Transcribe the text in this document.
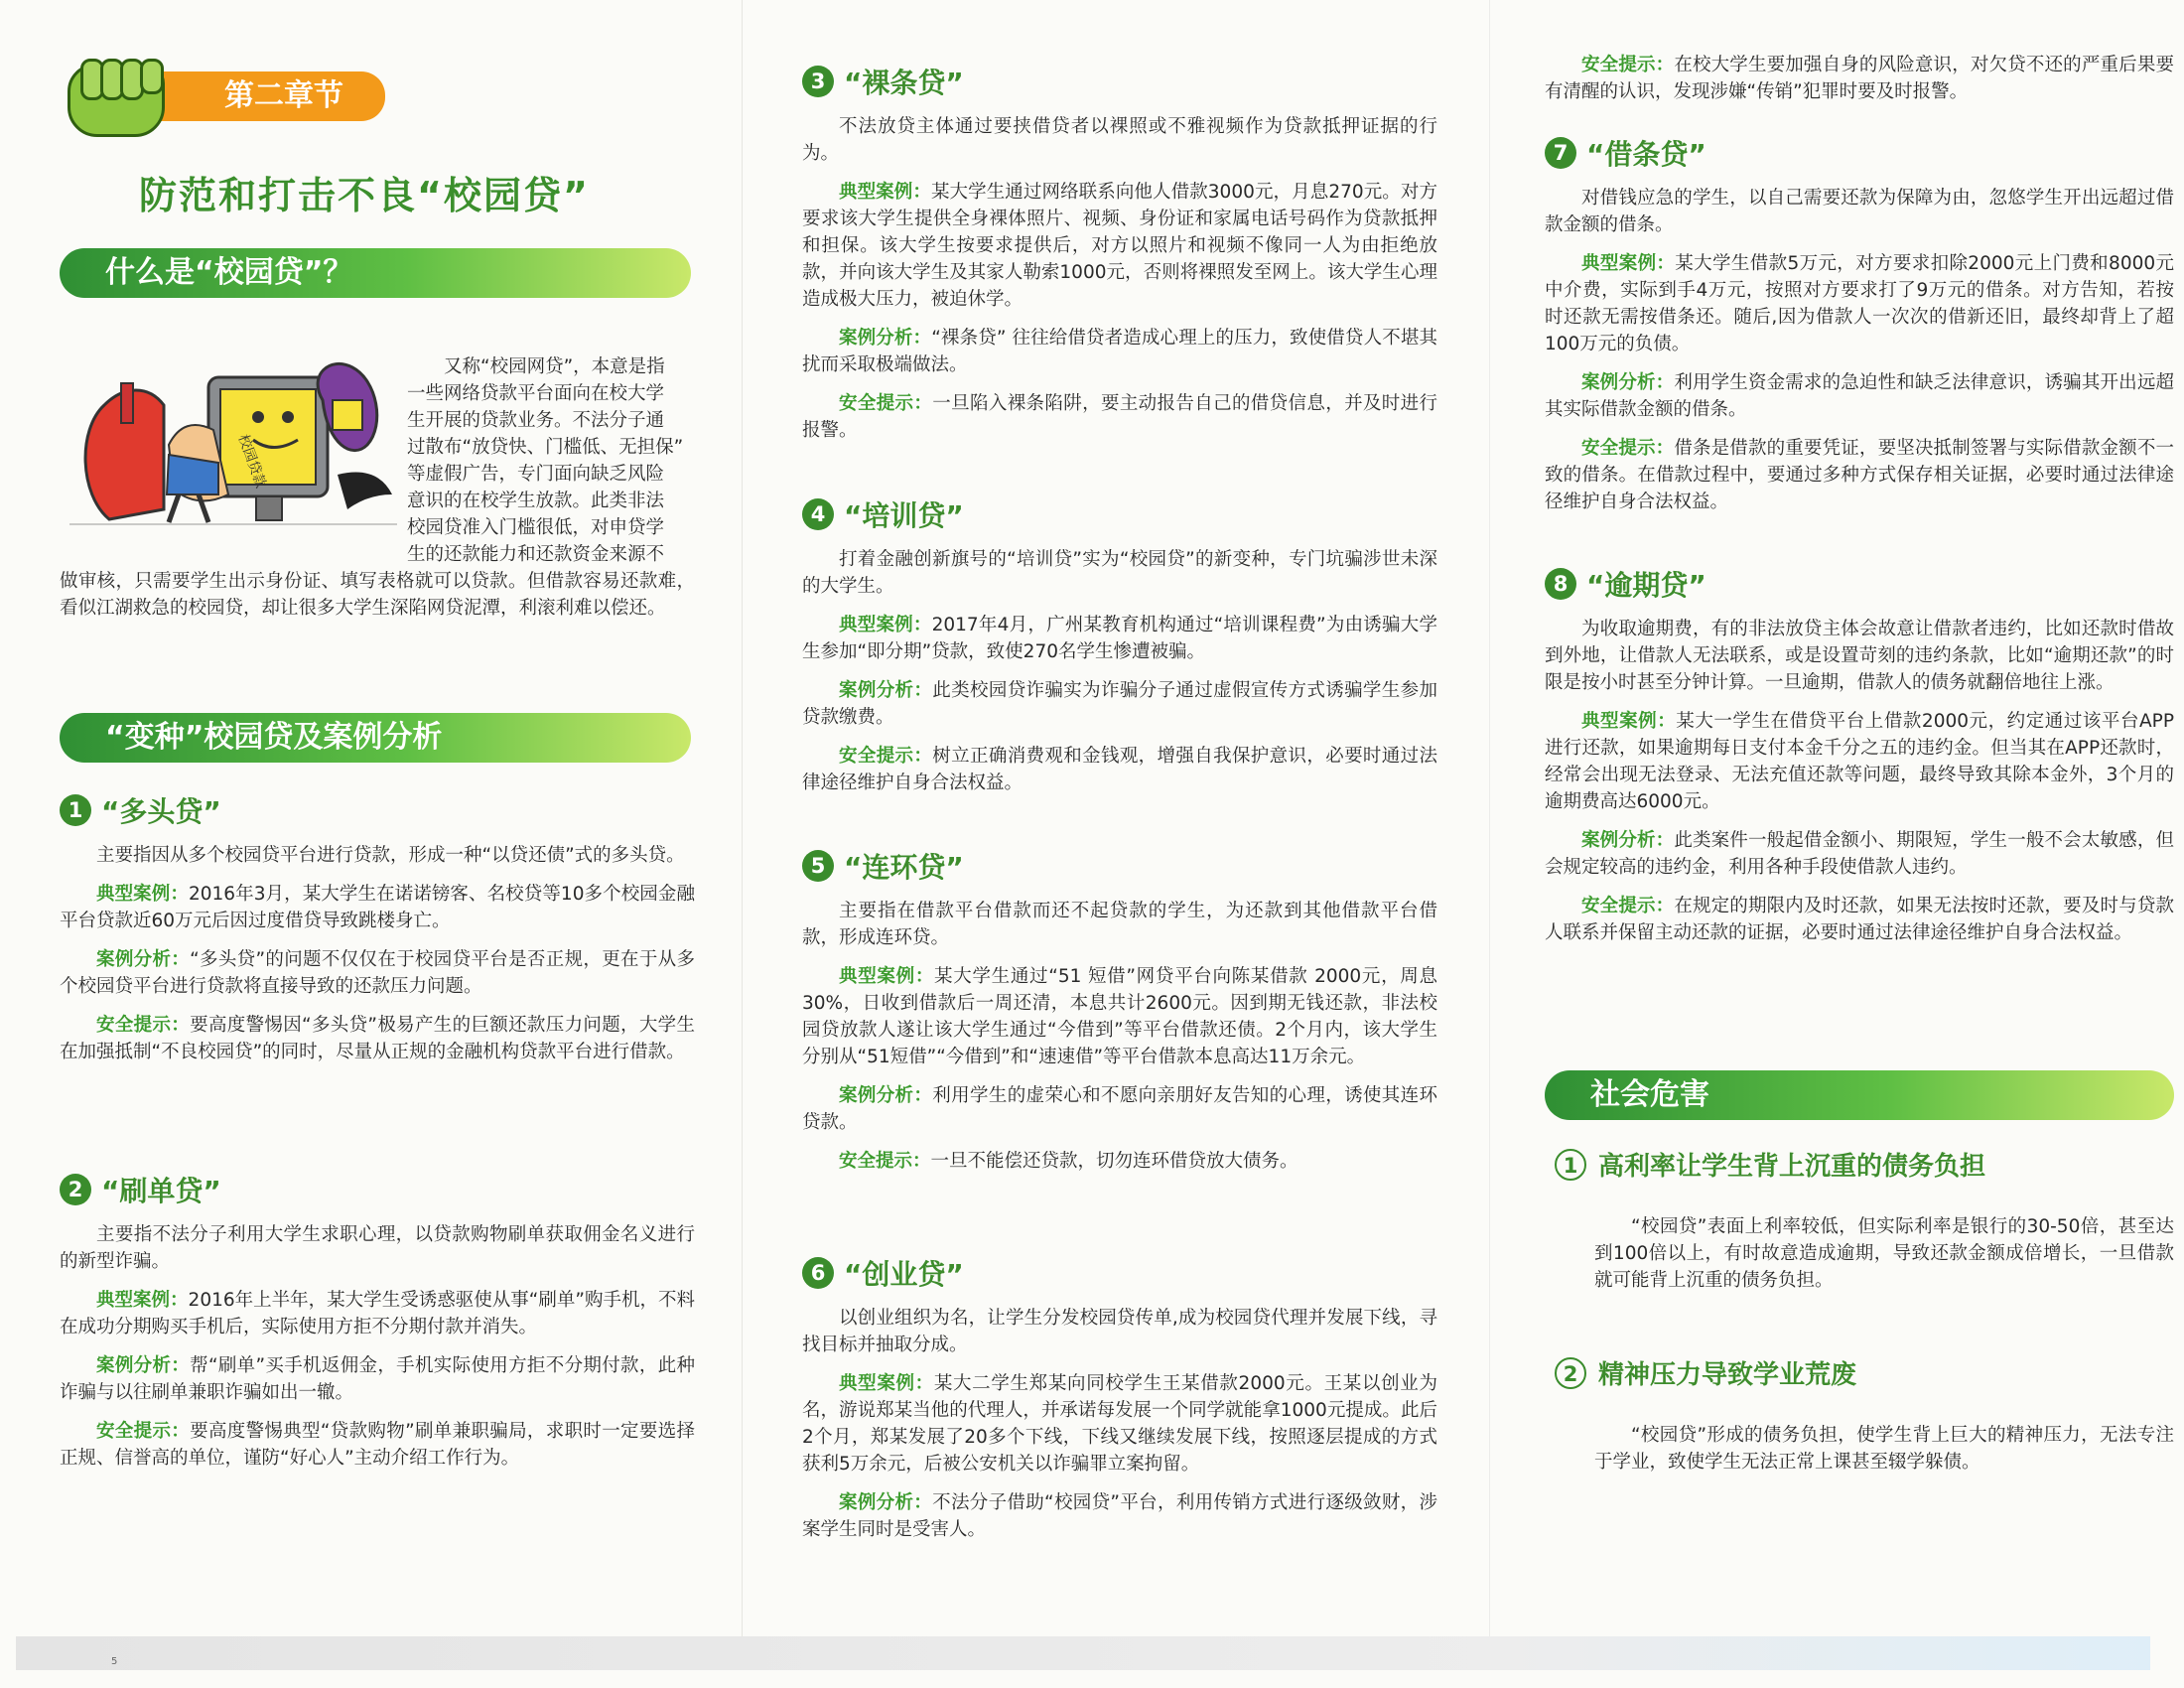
5
第二章节
防范和打击不良“校园贷”
什么是“校园贷”？
校园贷款

又称“校园网贷”，本意是指

一些网络贷款平台面向在校大学

生开展的贷款业务。不法分子通

过散布“放贷快、门槛低、无担保”

等虚假广告，专门面向缺乏风险

意识的在校学生放款。此类非法

校园贷准入门槛很低，对申贷学

生的还款能力和还款资金来源不

做审核，只需要学生出示身份证、填写表格就可以贷款。但借款容易还款难，看似江湖救急的校园贷，却让很多大学生深陷网贷泥潭，利滚利难以偿还。

“变种”校园贷及案例分析
1 “多头贷”

主要指因从多个校园贷平台进行贷款，形成一种“以贷还债”式的多头贷。

典型案例：2016年3月，某大学生在诺诺镑客、名校贷等10多个校园金融平台贷款近60万元后因过度借贷导致跳楼身亡。

案例分析：“多头贷”的问题不仅仅在于校园贷平台是否正规，更在于从多个校园贷平台进行贷款将直接导致的还款压力问题。

安全提示：要高度警惕因“多头贷”极易产生的巨额还款压力问题，大学生在加强抵制“不良校园贷”的同时，尽量从正规的金融机构贷款平台进行借款。

2 “刷单贷”

主要指不法分子利用大学生求职心理，以贷款购物刷单获取佣金名义进行的新型诈骗。

典型案例：2016年上半年，某大学生受诱惑驱使从事“刷单”购手机，不料在成功分期购买手机后，实际使用方拒不分期付款并消失。

案例分析：帮“刷单”买手机返佣金，手机实际使用方拒不分期付款，此种诈骗与以往刷单兼职诈骗如出一辙。

安全提示：要高度警惕典型“贷款购物”刷单兼职骗局，求职时一定要选择正规、信誉高的单位，谨防“好心人”主动介绍工作行为。

3 “裸条贷”

不法放贷主体通过要挟借贷者以裸照或不雅视频作为贷款抵押证据的行为。

典型案例：某大学生通过网络联系向他人借款3000元，月息270元。对方要求该大学生提供全身裸体照片、视频、身份证和家属电话号码作为贷款抵押和担保。该大学生按要求提供后，对方以照片和视频不像同一人为由拒绝放款，并向该大学生及其家人勒索1000元，否则将裸照发至网上。该大学生心理造成极大压力，被迫休学。

案例分析：“裸条贷” 往往给借贷者造成心理上的压力，致使借贷人不堪其扰而采取极端做法。

安全提示：一旦陷入裸条陷阱，要主动报告自己的借贷信息，并及时进行报警。

4 “培训贷”

打着金融创新旗号的“培训贷”实为“校园贷”的新变种，专门坑骗涉世未深的大学生。

典型案例：2017年4月，广州某教育机构通过“培训课程费”为由诱骗大学生参加“即分期”贷款，致使270名学生惨遭被骗。

案例分析：此类校园贷诈骗实为诈骗分子通过虚假宣传方式诱骗学生参加贷款缴费。

安全提示：树立正确消费观和金钱观，增强自我保护意识，必要时通过法律途径维护自身合法权益。

5 “连环贷”

主要指在借款平台借款而还不起贷款的学生，为还款到其他借款平台借款，形成连环贷。

典型案例：某大学生通过“51 短借”网贷平台向陈某借款 2000元，周息30%，日收到借款后一周还清，本息共计2600元。因到期无钱还款，非法校园贷放款人遂让该大学生通过“今借到”等平台借款还债。2个月内，该大学生分别从“51短借”“今借到”和“速速借”等平台借款本息高达11万余元。

案例分析：利用学生的虚荣心和不愿向亲朋好友告知的心理，诱使其连环贷款。

安全提示：一旦不能偿还贷款，切勿连环借贷放大债务。

6 “创业贷”

以创业组织为名，让学生分发校园贷传单,成为校园贷代理并发展下线，寻找目标并抽取分成。

典型案例：某大二学生郑某向同校学生王某借款2000元。王某以创业为名，游说郑某当他的代理人，并承诺每发展一个同学就能拿1000元提成。此后2个月，郑某发展了20多个下线，下线又继续发展下线，按照逐层提成的方式获利5万余元，后被公安机关以诈骗罪立案拘留。

案例分析：不法分子借助“校园贷”平台，利用传销方式进行逐级敛财，涉案学生同时是受害人。

安全提示：在校大学生要加强自身的风险意识，对欠贷不还的严重后果要有清醒的认识，发现涉嫌“传销”犯罪时要及时报警。

7 “借条贷”

对借钱应急的学生，以自己需要还款为保障为由，忽悠学生开出远超过借款金额的借条。

典型案例：某大学生借款5万元，对方要求扣除2000元上门费和8000元中介费，实际到手4万元，按照对方要求打了9万元的借条。对方告知，若按时还款无需按借条还。随后,因为借款人一次次的借新还旧，最终却背上了超100万元的负债。

案例分析：利用学生资金需求的急迫性和缺乏法律意识，诱骗其开出远超其实际借款金额的借条。

安全提示：借条是借款的重要凭证，要坚决抵制签署与实际借款金额不一致的借条。在借款过程中，要通过多种方式保存相关证据，必要时通过法律途径维护自身合法权益。

8 “逾期贷”

为收取逾期费，有的非法放贷主体会故意让借款者违约，比如还款时借故到外地，让借款人无法联系，或是设置苛刻的违约条款，比如“逾期还款”的时限是按小时甚至分钟计算。一旦逾期，借款人的债务就翻倍地往上涨。

典型案例：某大一学生在借贷平台上借款2000元，约定通过该平台APP进行还款，如果逾期每日支付本金千分之五的违约金。但当其在APP还款时，经常会出现无法登录、无法充值还款等问题，最终导致其除本金外，3个月的逾期费高达6000元。

案例分析：此类案件一般起借金额小、期限短，学生一般不会太敏感，但会规定较高的违约金，利用各种手段使借款人违约。

安全提示：在规定的期限内及时还款，如果无法按时还款，要及时与贷款人联系并保留主动还款的证据，必要时通过法律途径维护自身合法权益。

社会危害
1 高利率让学生背上沉重的债务负担

“校园贷”表面上利率较低，但实际利率是银行的30-50倍，甚至达到100倍以上，有时故意造成逾期，导致还款金额成倍增长，一旦借款就可能背上沉重的债务负担。

2 精神压力导致学业荒废

“校园贷”形成的债务负担，使学生背上巨大的精神压力，无法专注于学业，致使学生无法正常上课甚至辍学躲债。
